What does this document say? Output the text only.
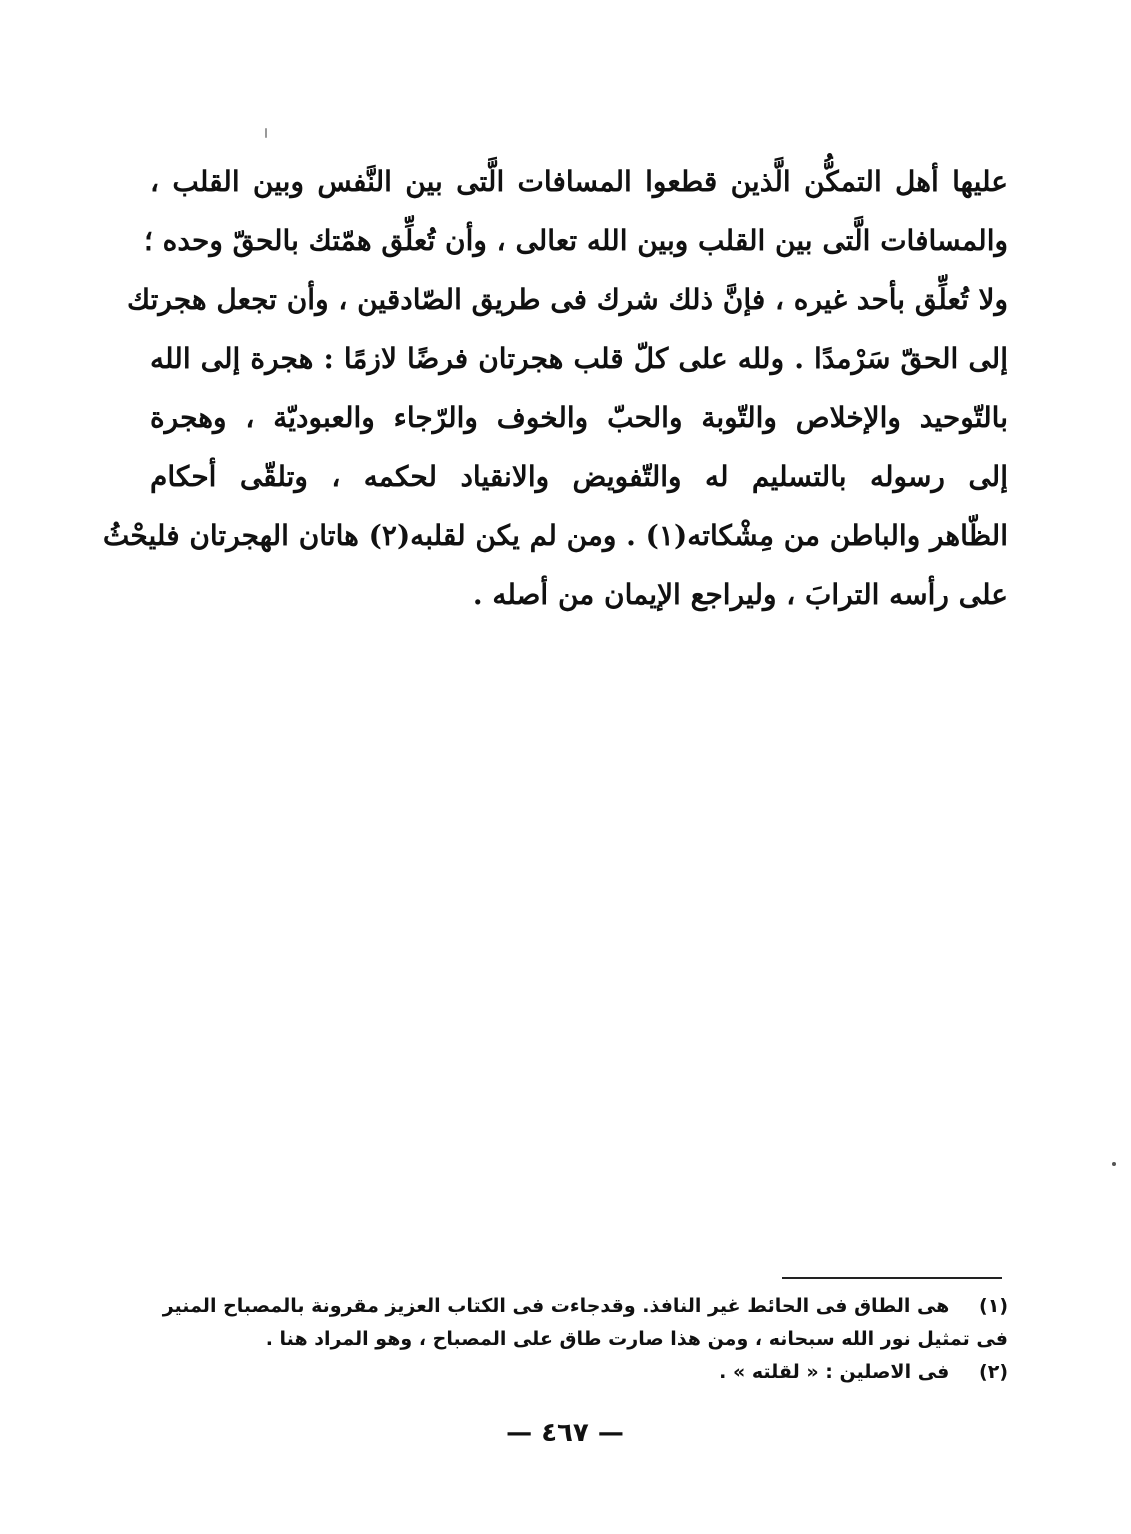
عليها أهل التمكُّن الَّذين قطعوا المسافات الَّتى بين النَّفس وبين القلب ،
والمسافات الَّتى بين القلب وبين الله تعالى ، وأن تُعلِّق همّتك بالحقّ وحده ؛
ولا تُعلِّق بأحد غيره ، فإنَّ ذلك شرك فى طريق الصّادقين ، وأن تجعل هجرتك
إلى الحقّ سَرْمدًا . ولله على كلّ قلب هجرتان فرضًا لازمًا : هجرة إلى الله
بالتّوحيد والإخلاص والتّوبة والحبّ والخوف والرّجاء والعبوديّة ، وهجرة
إلى رسوله بالتسليم له والتّفويض والانقياد لحكمه ، وتلقّى أحكام
الظّاهر والباطن من مِشْكاته(١) . ومن لم يكن لقلبه(٢) هاتان الهجرتان فليحْثُ
على رأسه الترابَ ، وليراجع الإيمان من أصله .
(١) هى الطاق فى الحائط غير النافذ. وقدجاءت فى الكتاب العزيز مقرونة بالمصباح المنير
فى تمثيل نور الله سبحانه ، ومن هذا صارت طاق على المصباح ، وهو المراد هنا .
(٢) فى الاصلين : « لقلته » .
— ٤٦٧ —
